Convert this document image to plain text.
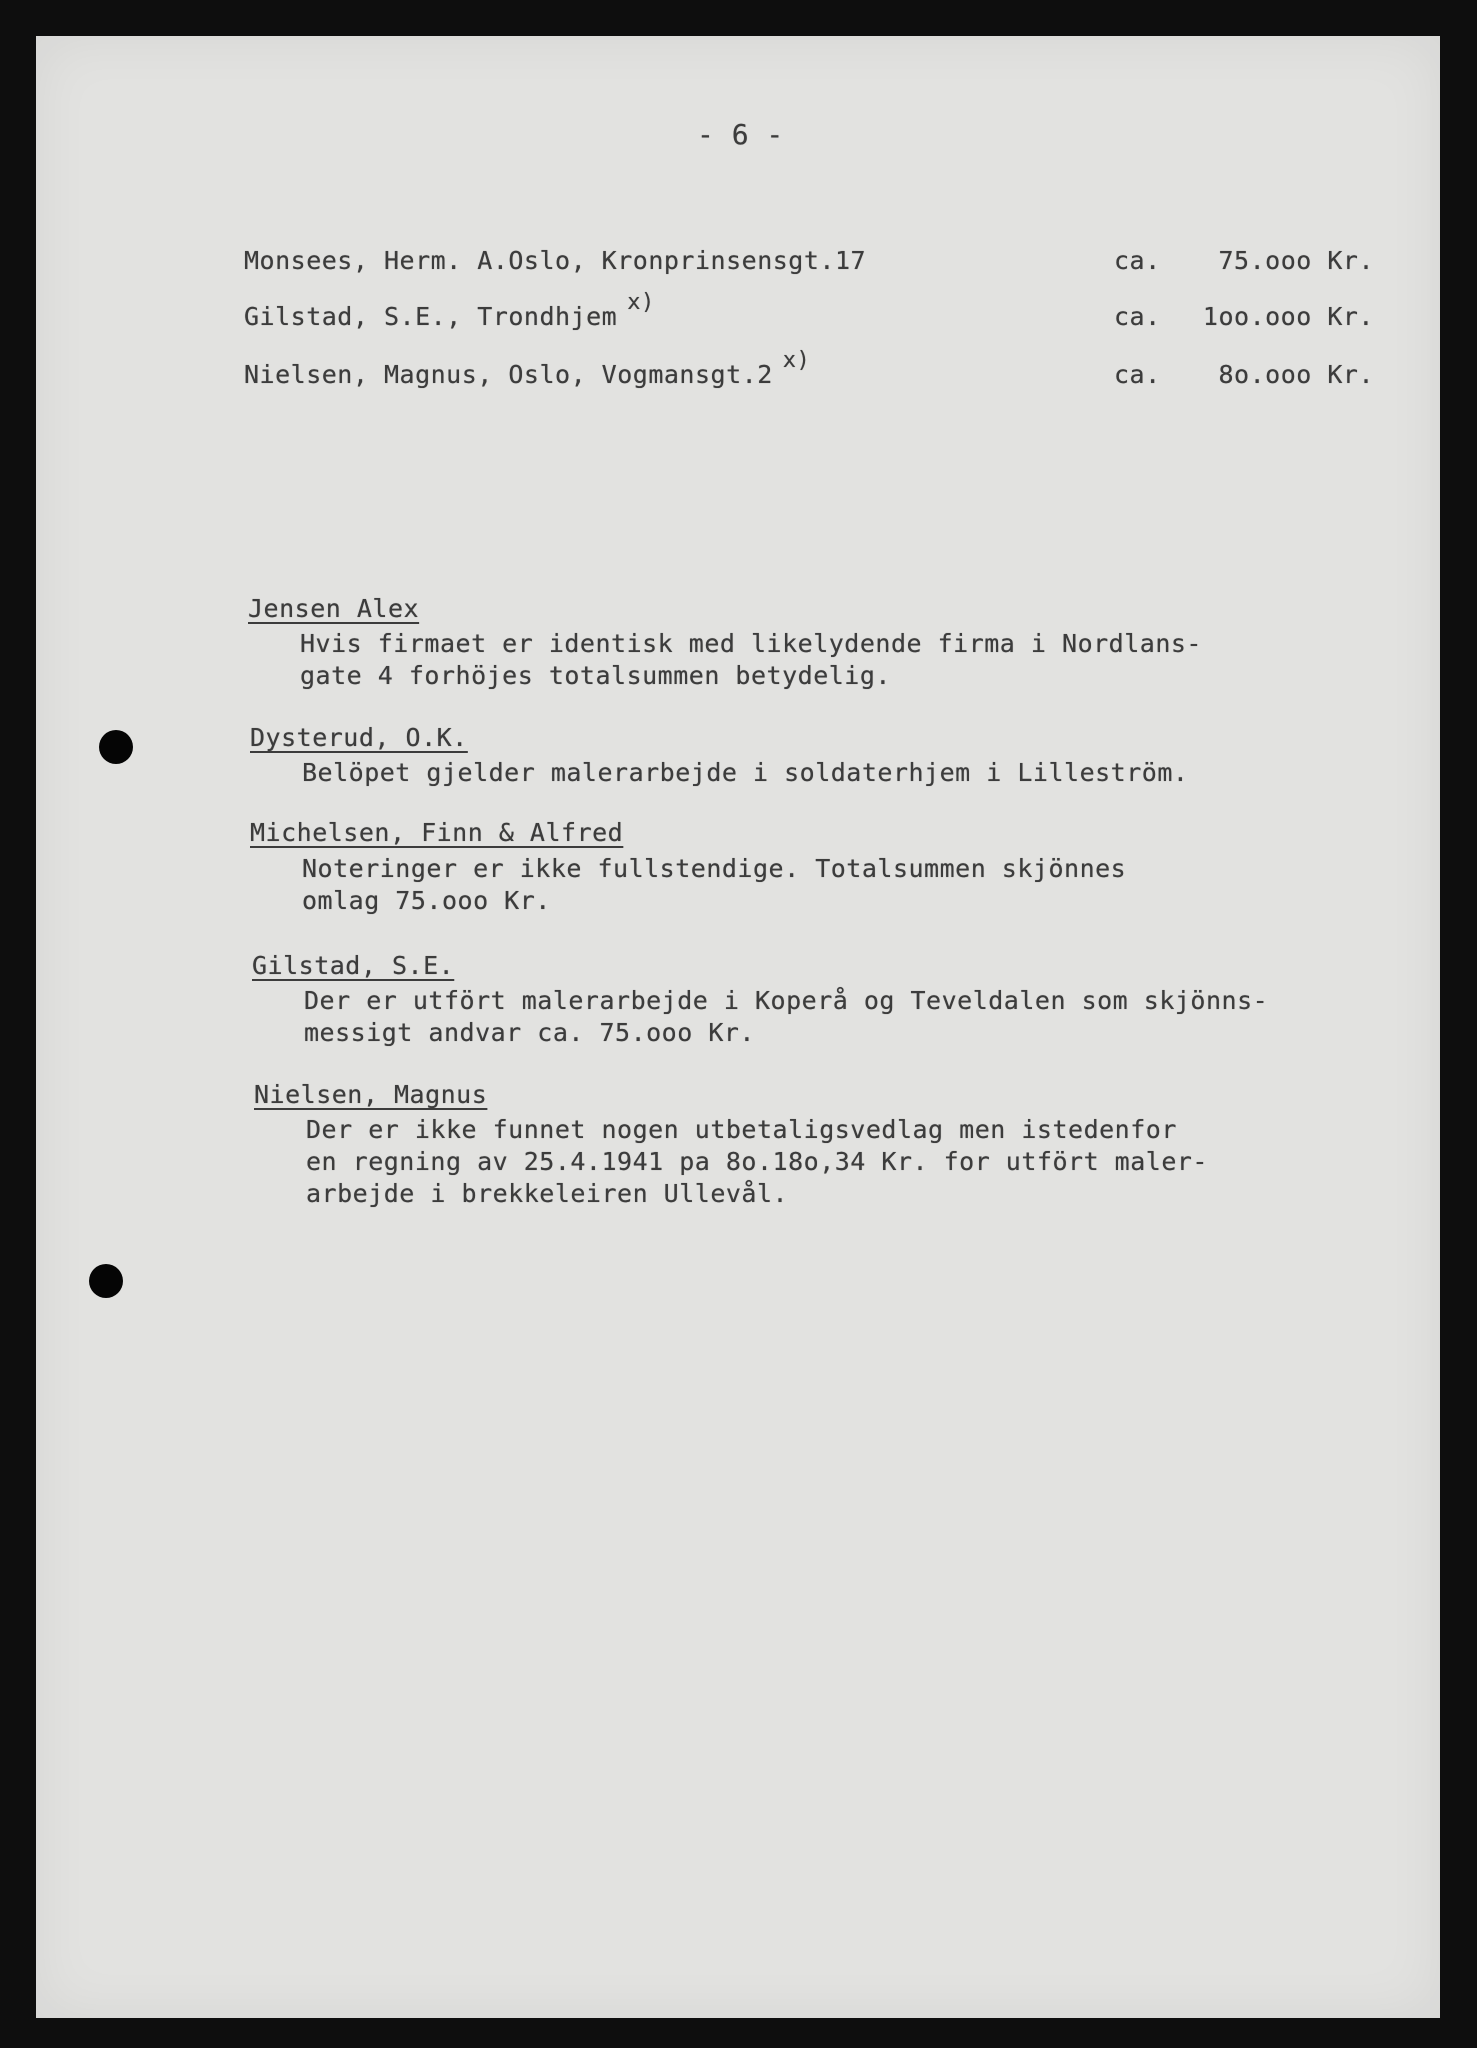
- 6 -
Monsees, Herm. A.Oslo, Kronprinsensgt.17	ca. 75.ooo Kr.
Gilstad, S.E., Trondhjem x)	ca. 1oo.ooo Kr.
Nielsen, Magnus, Oslo, Vogmansgt.2 x)	ca. 8o.ooo Kr.
Jensen Alex
Hvis firmaet er identisk med likelydende firma i Nordlans-
gate 4 forhöjes totalsummen betydelig.
Dysterud, O.K.
Belöpet gjelder malerarbejde i soldaterhjem i Lilleström.
Michelsen, Finn & Alfred
Noteringer er ikke fullstendige. Totalsummen skjönnes
omlag 75.ooo Kr.
Gilstad, S.E.
Der er utfört malerarbejde i Koperå og Teveldalen som skjönns-
messigt andvar ca. 75.ooo Kr.
Nielsen, Magnus
Der er ikke funnet nogen utbetaligsvedlag men istedenfor
en regning av 25.4.1941 pa 8o.18o,34 Kr. for utfört maler-
arbejde i brekkeleiren Ullevål.
